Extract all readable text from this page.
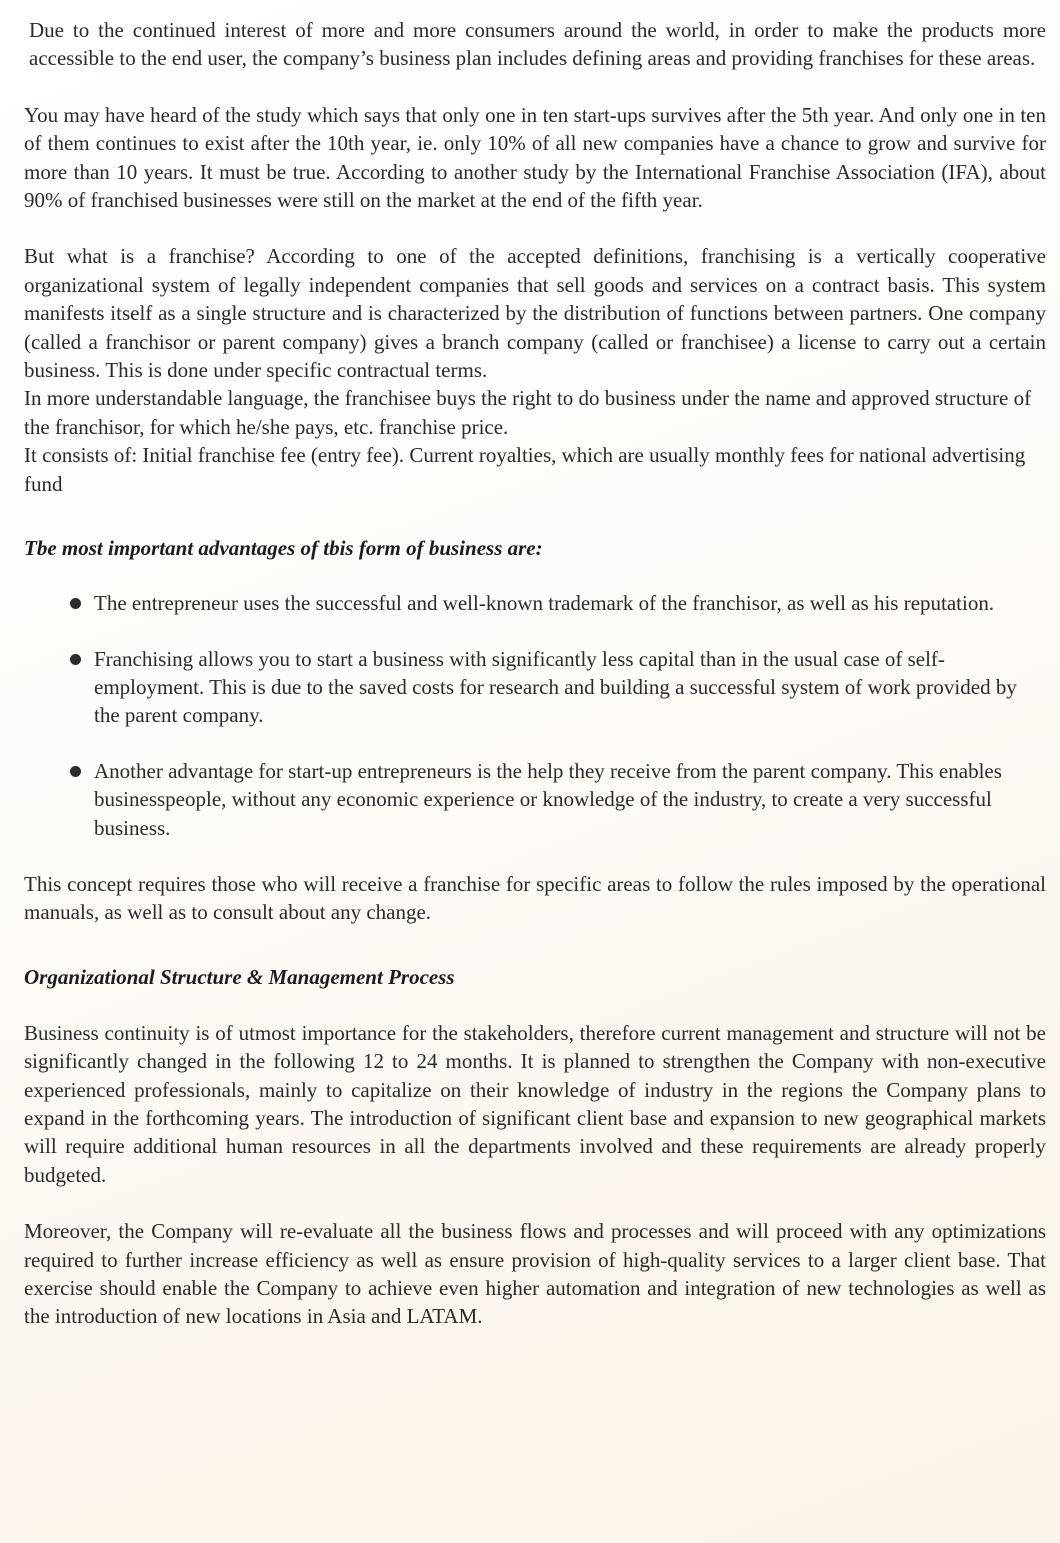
Due to the continued interest of more and more consumers around the world, in order to make the products more accessible to the end user, the company’s business plan includes defining areas and providing franchises for these areas.

You may have heard of the study which says that only one in ten start-ups survives after the 5th year. And only one in ten of them continues to exist after the 10th year, ie. only 10% of all new companies have a chance to grow and survive for more than 10 years. It must be true. According to another study by the International Franchise Association (IFA), about 90% of franchised businesses were still on the market at the end of the fifth year.

But what is a franchise? According to one of the accepted definitions, franchising is a vertically cooperative organizational system of legally independent companies that sell goods and services on a contract basis. This system manifests itself as a single structure and is characterized by the distribution of functions between partners. One company (called a franchisor or parent company) gives a branch company (called or franchisee) a license to carry out a certain business. This is done under specific contractual terms.

In more understandable language, the franchisee buys the right to do business under the name and approved structure of the franchisor, for which he/she pays, etc. franchise price.

It consists of: Initial franchise fee (entry fee). Current royalties, which are usually monthly fees for national advertising fund

Tbe most important advantages of tbis form of business are:
The entrepreneur uses the successful and well-known trademark of the franchisor, as well as his reputation.
Franchising allows you to start a business with significantly less capital than in the usual case of self-employment. This is due to the saved costs for research and building a successful system of work provided by the parent company.
Another advantage for start-up entrepreneurs is the help they receive from the parent company. This enables businesspeople, without any economic experience or knowledge of the industry, to create a very successful business.

This concept requires those who will receive a franchise for specific areas to follow the rules imposed by the operational manuals, as well as to consult about any change.

Organizational Structure & Management Process

Business continuity is of utmost importance for the stakeholders, therefore current management and structure will not be significantly changed in the following 12 to 24 months. It is planned to strengthen the Company with non-executive experienced professionals, mainly to capitalize on their knowledge of industry in the regions the Company plans to expand in the forthcoming years. The introduction of significant client base and expansion to new geographical markets will require additional human resources in all the departments involved and these requirements are already properly budgeted.

Moreover, the Company will re-evaluate all the business flows and processes and will proceed with any optimizations required to further increase efficiency as well as ensure provision of high-quality services to a larger client base. That exercise should enable the Company to achieve even higher automation and integration of new technologies as well as the introduction of new locations in Asia and LATAM.
